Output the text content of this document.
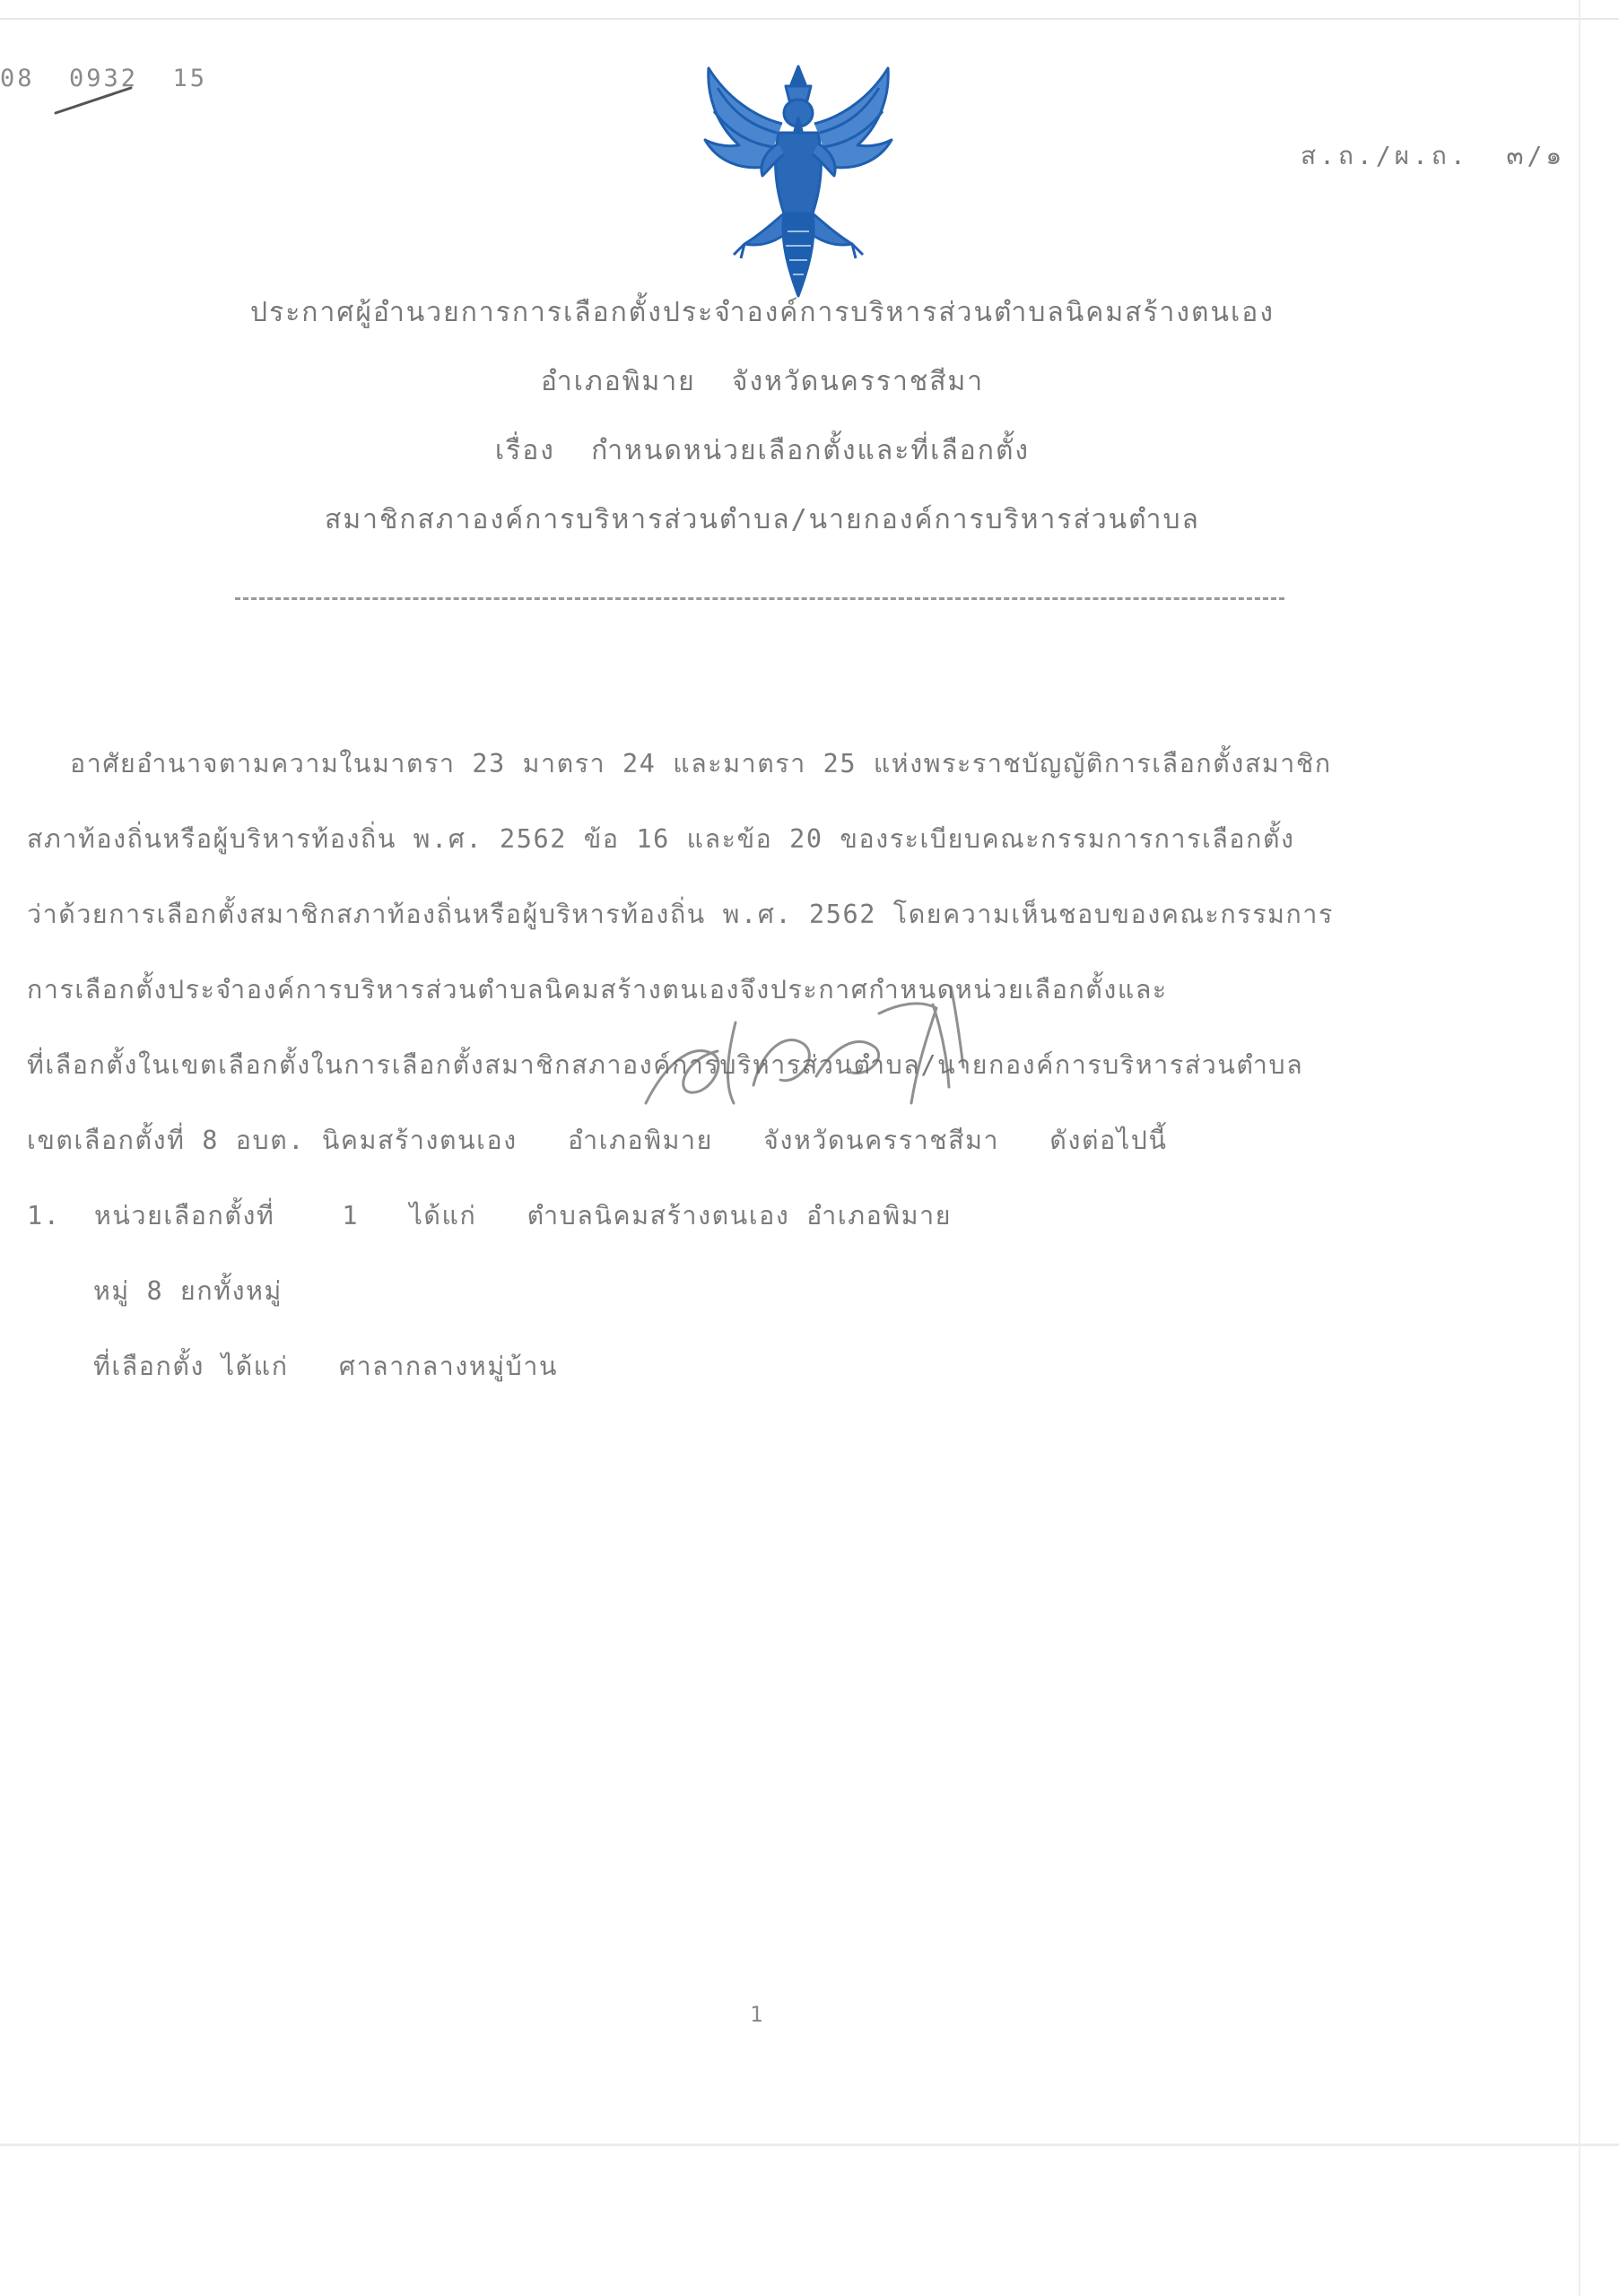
08  0932  15
ส.ถ./ผ.ถ.  ๓/๑
ประกาศผู้อำนวยการการเลือกตั้งประจำองค์การบริหารส่วนตำบลนิคมสร้างตนเอง
อำเภอพิมาย  จังหวัดนครราชสีมา
เรื่อง  กำหนดหน่วยเลือกตั้งและที่เลือกตั้ง
สมาชิกสภาองค์การบริหารส่วนตำบล/นายกองค์การบริหารส่วนตำบล
อาศัยอำนาจตามความในมาตรา 23 มาตรา 24 และมาตรา 25 แห่งพระราชบัญญัติการเลือกตั้งสมาชิก
สภาท้องถิ่นหรือผู้บริหารท้องถิ่น พ.ศ. 2562 ข้อ 16 และข้อ 20 ของระเบียบคณะกรรมการการเลือกตั้ง
ว่าด้วยการเลือกตั้งสมาชิกสภาท้องถิ่นหรือผู้บริหารท้องถิ่น พ.ศ. 2562 โดยความเห็นชอบของคณะกรรมการ
การเลือกตั้งประจำองค์การบริหารส่วนตำบลนิคมสร้างตนเองจึงประกาศกำหนดหน่วยเลือกตั้งและ
ที่เลือกตั้งในเขตเลือกตั้งในการเลือกตั้งสมาชิกสภาองค์การบริหารส่วนตำบล/นายกองค์การบริหารส่วนตำบล
เขตเลือกตั้งที่ 8 อบต. นิคมสร้างตนเอง   อำเภอพิมาย   จังหวัดนครราชสีมา   ดังต่อไปนี้
1.  หน่วยเลือกตั้งที่    1   ได้แก่   ตำบลนิคมสร้างตนเอง อำเภอพิมาย
หมู่ 8 ยกทั้งหมู่
ที่เลือกตั้ง ได้แก่   ศาลากลางหมู่บ้าน
1
